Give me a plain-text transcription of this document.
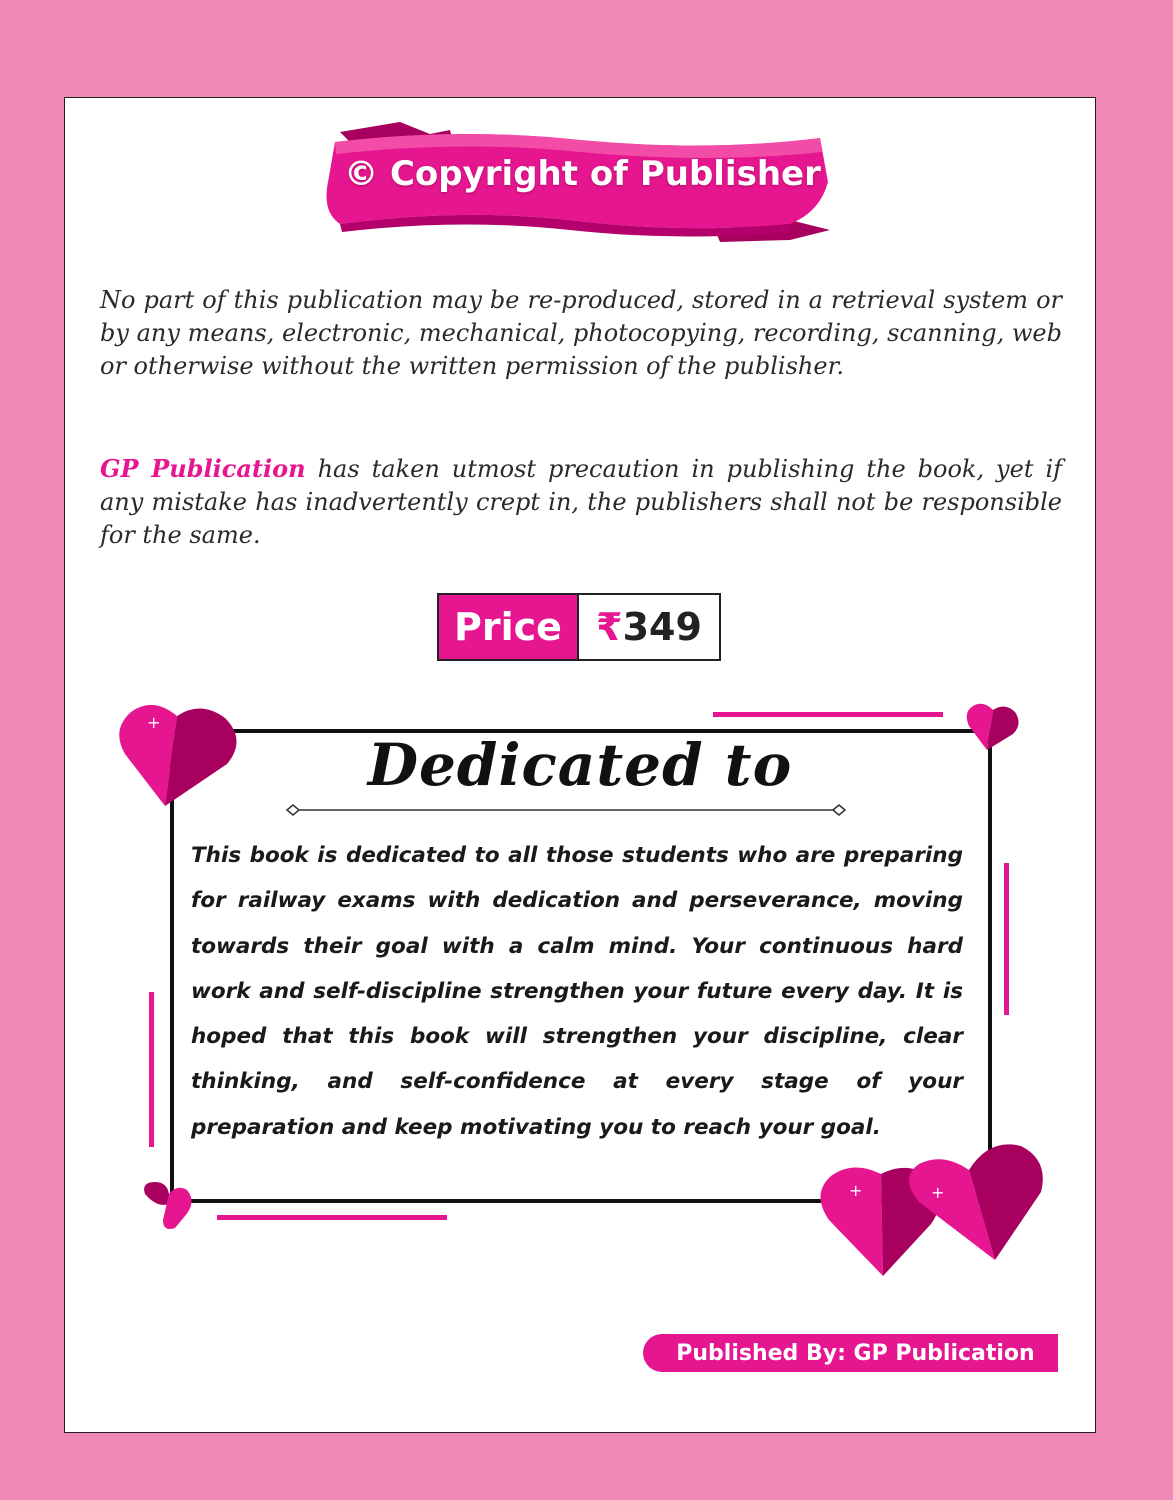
© Copyright of Publisher

No part of this publication may be re-produced, stored in a retrieval system or by any means, electronic, mechanical, photocopying, recording, scanning, web or otherwise without the written permission of the publisher.

GP Publication has taken utmost precaution in publishing the book, yet if any mistake has inadvertently crept in, the publishers shall not be responsible for the same.

Price ₹ 349
Dedicated to

This book is dedicated to all those students who are preparing for railway exams with dedication and perseverance, moving towards their goal with a calm mind. Your continuous hard work and self-discipline strengthen your future every day. It is hoped that this book will strengthen your discipline, clear thinking, and self-confidence at every stage of your preparation and keep motivating you to reach your goal.

+
+	+
Published By: GP Publication
